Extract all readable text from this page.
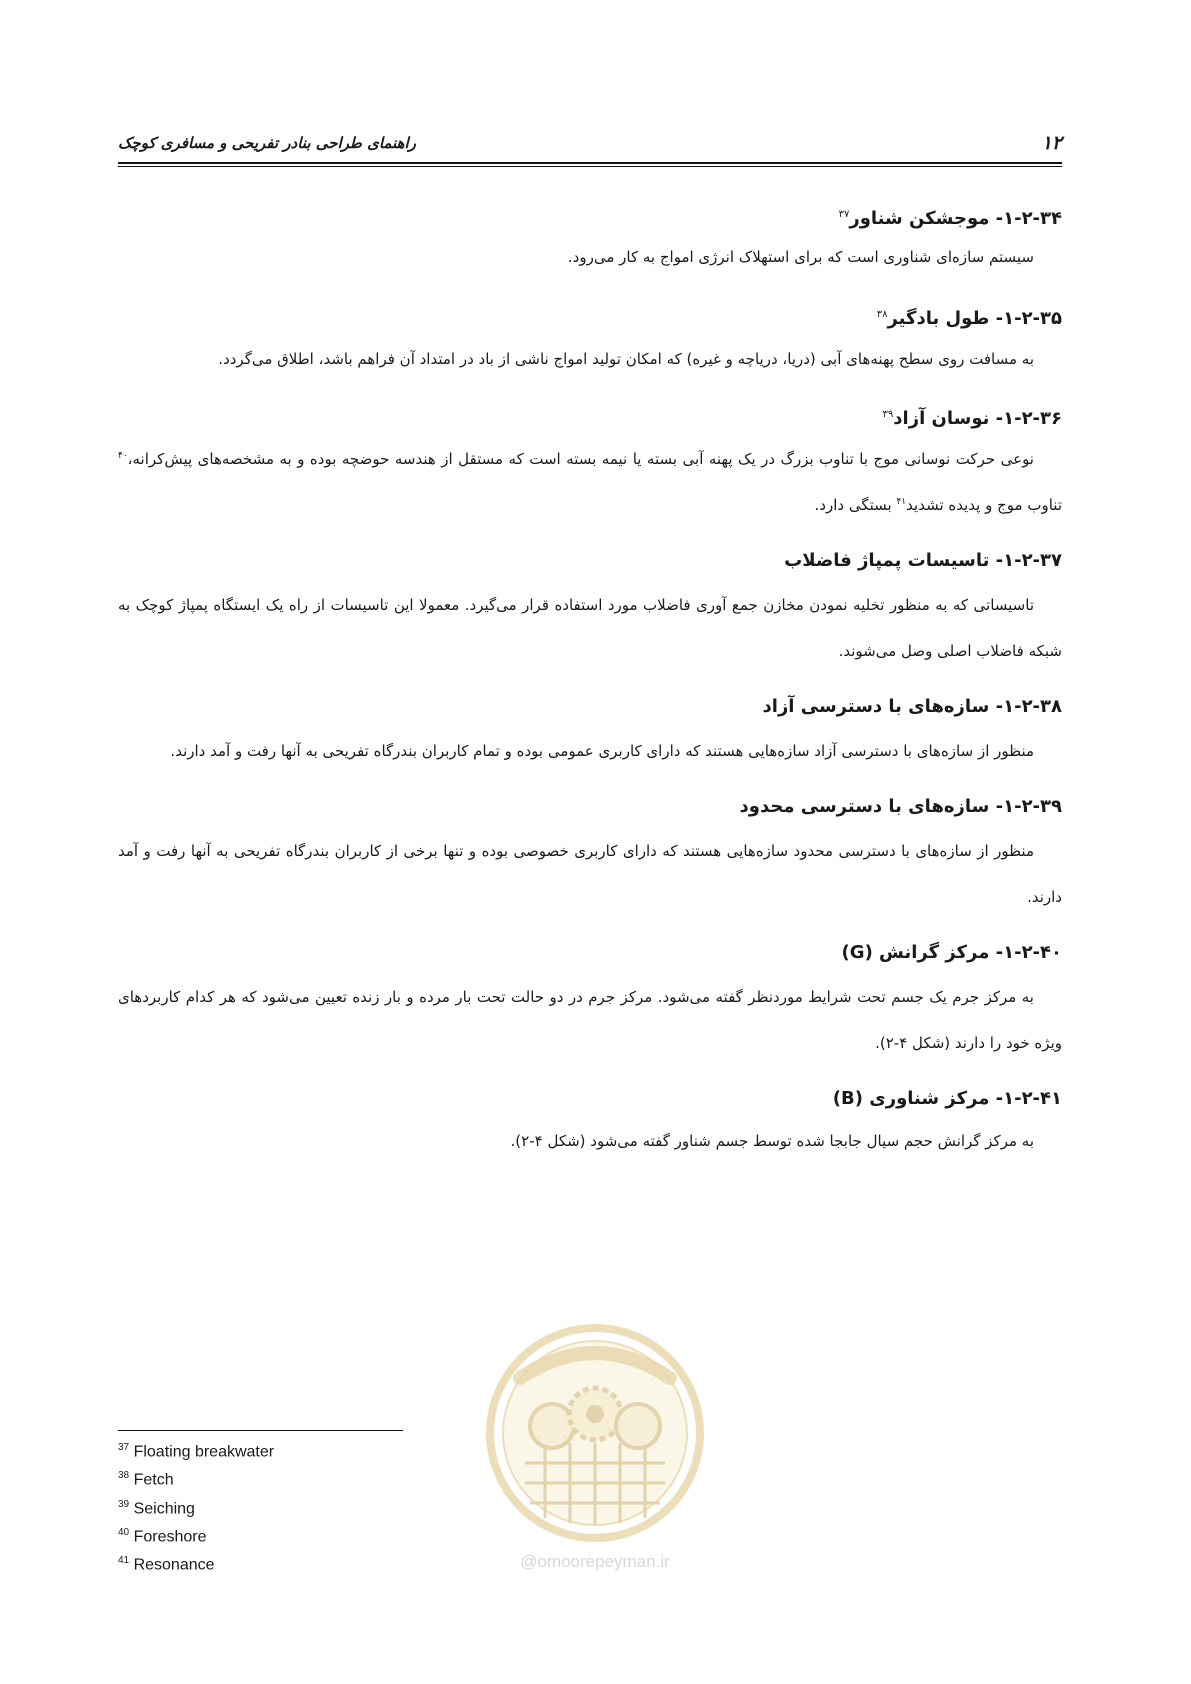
۱۲
راهنمای طراحی بنادر تفریحی و مسافری کوچک
۱-۲-۳۴- موجشکن شناور$^{۳۷}$

سیستم سازه‌ای شناوری است که برای استهلاک انرژی امواج به کار می‌رود.

۱-۲-۳۵- طول بادگیر$^{۳۸}$

به مسافت روی سطح پهنه‌های آبی (دریا، دریاچه و غیره) که امکان تولید امواج ناشی از باد در امتداد آن فراهم باشد، اطلاق می‌گردد.

۱-۲-۳۶- نوسان آزاد$^{۳۹}$

نوعی حرکت نوسانی موج با تناوب بزرگ در یک پهنه آبی بسته یا نیمه بسته است که مستقل از هندسه حوضچه بوده و به مشخصه‌های پیش‌کرانه،$^{۴۰}$ تناوب موج و پدیده تشدید$^{۴۱}$ بستگی دارد.

۱-۲-۳۷- تاسیسات پمپاژ فاضلاب

تاسیساتی که به منظور تخلیه نمودن مخازن جمع آوری فاضلاب مورد استفاده قرار می‌گیرد. معمولا این تاسیسات از راه یک ایستگاه پمپاژ کوچک به شبکه فاضلاب اصلی وصل می‌شوند.

۱-۲-۳۸- سازه‌های با دسترسی آزاد

منظور از سازه‌های با دسترسی آزاد سازه‌هایی هستند که دارای کاربری عمومی بوده و تمام کاربران بندرگاه تفریحی به آنها رفت و آمد دارند.

۱-۲-۳۹- سازه‌های با دسترسی محدود

منظور از سازه‌های با دسترسی محدود سازه‌هایی هستند که دارای کاربری خصوصی بوده و تنها برخی از کاربران بندرگاه تفریحی به آنها رفت و آمد دارند.

۱-۲-۴۰- مرکز گرانش (G)

به مرکز جرم یک جسم تحت شرایط موردنظر گفته می‌شود. مرکز جرم در دو حالت تحت بار مرده و بار زنده تعیین می‌شود که هر کدام کاربردهای ویژه خود را دارند (شکل ۴-۲).

۱-۲-۴۱- مرکز شناوری (B)

به مرکز گرانش حجم سیال جابجا شده توسط جسم شناور گفته می‌شود (شکل ۴-۲).

@omoorepeyman.ir
$^{37}$ Floating breakwater
$^{38}$ Fetch
$^{39}$ Seiching
$^{40}$ Foreshore
$^{41}$ Resonance
